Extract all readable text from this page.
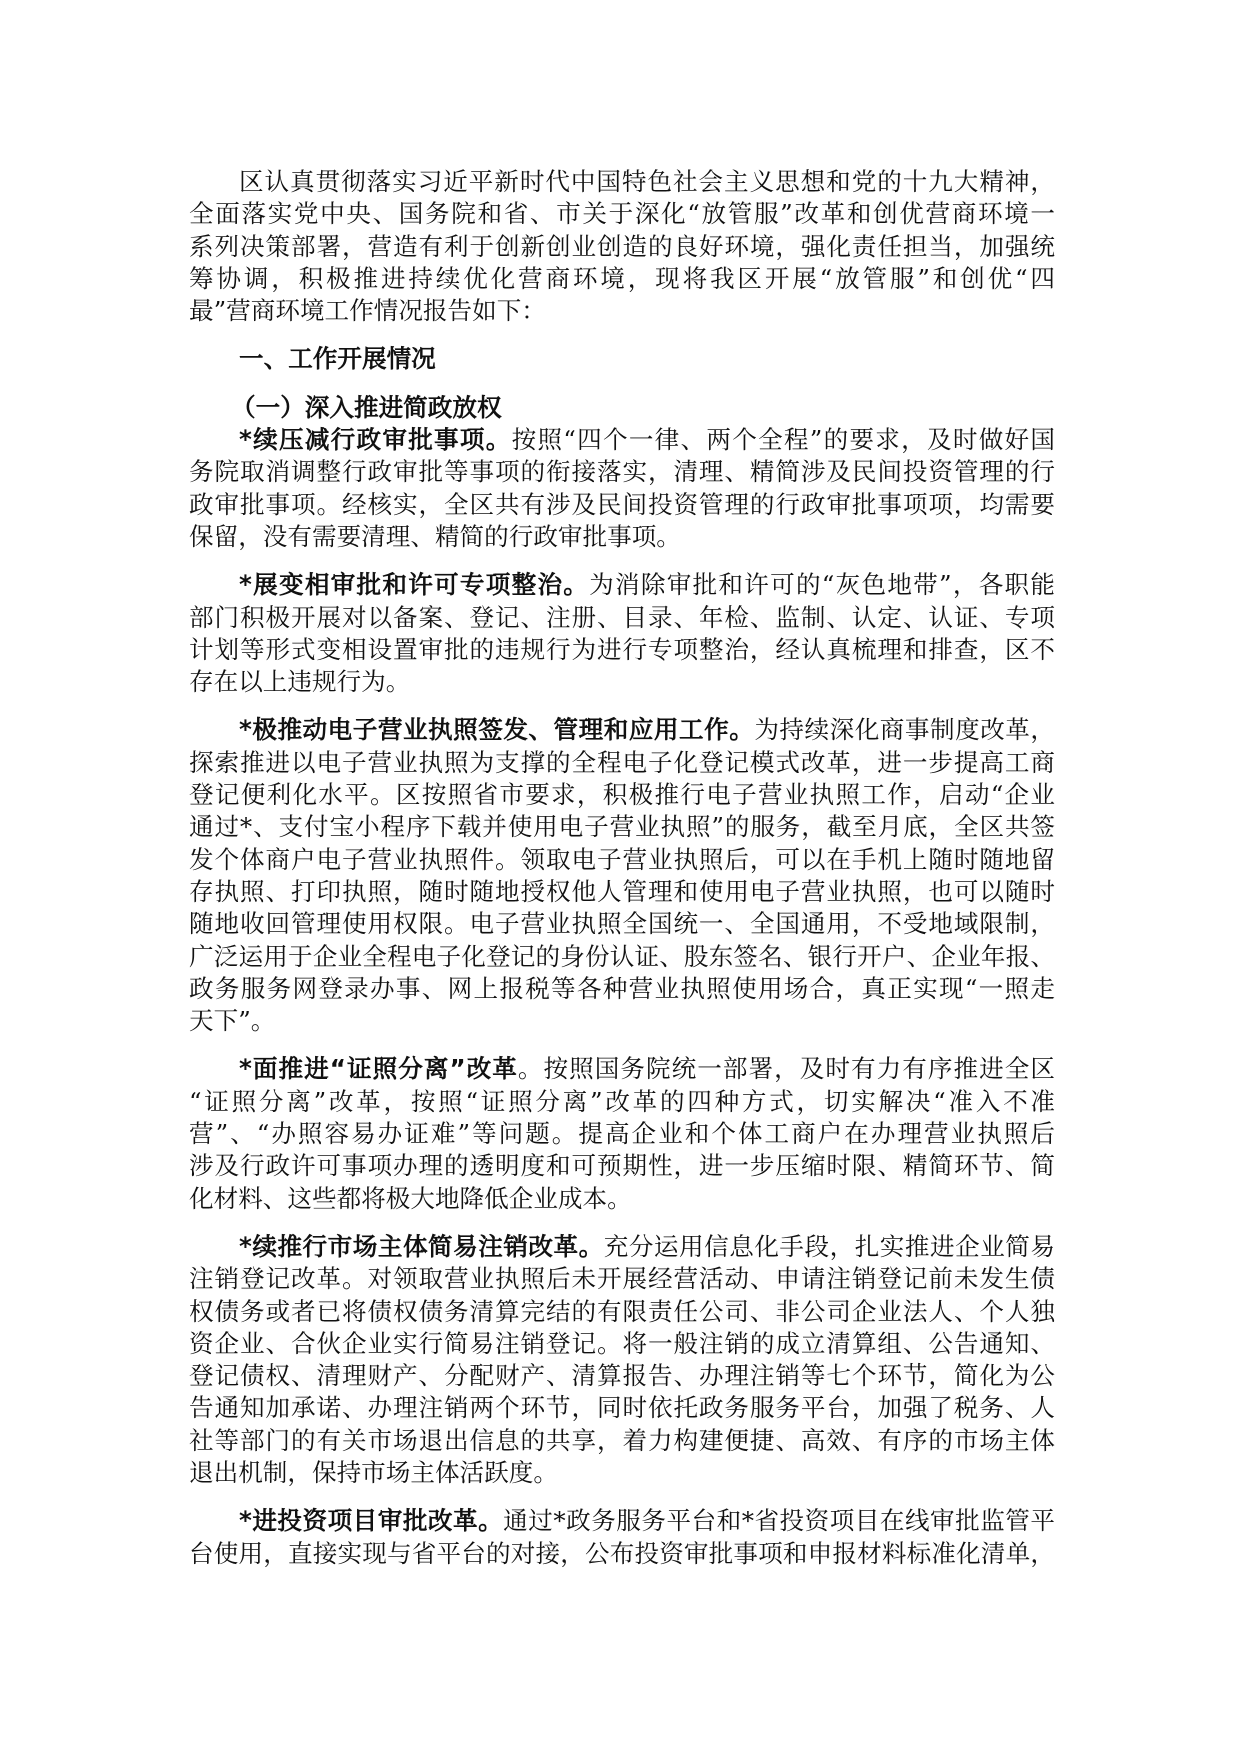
区认真贯彻落实习近平新时代中国特色社会主义思想和党的十九大精神，
全面落实党中央、国务院和省、市关于深化“放管服”改革和创优营商环境一
系列决策部署，营造有利于创新创业创造的良好环境，强化责任担当，加强统
筹协调，积极推进持续优化营商环境，现将我区开展“放管服”和创优“四
最”营商环境工作情况报告如下：
一、工作开展情况
（一）深入推进简政放权
*续压减行政审批事项。按照“四个一律、两个全程”的要求，及时做好国
务院取消调整行政审批等事项的衔接落实，清理、精简涉及民间投资管理的行
政审批事项。经核实，全区共有涉及民间投资管理的行政审批事项项，均需要
保留，没有需要清理、精简的行政审批事项。
*展变相审批和许可专项整治。为消除审批和许可的“灰色地带”，各职能
部门积极开展对以备案、登记、注册、目录、年检、监制、认定、认证、专项
计划等形式变相设置审批的违规行为进行专项整治，经认真梳理和排查，区不
存在以上违规行为。
*极推动电子营业执照签发、管理和应用工作。为持续深化商事制度改革，
探索推进以电子营业执照为支撑的全程电子化登记模式改革，进一步提高工商
登记便利化水平。区按照省市要求，积极推行电子营业执照工作，启动“企业
通过*、支付宝小程序下载并使用电子营业执照”的服务，截至月底，全区共签
发个体商户电子营业执照件。领取电子营业执照后，可以在手机上随时随地留
存执照、打印执照，随时随地授权他人管理和使用电子营业执照，也可以随时
随地收回管理使用权限。电子营业执照全国统一、全国通用，不受地域限制，
广泛运用于企业全程电子化登记的身份认证、股东签名、银行开户、企业年报、
政务服务网登录办事、网上报税等各种营业执照使用场合，真正实现“一照走
天下”。
*面推进“证照分离”改革。按照国务院统一部署，及时有力有序推进全区
“证照分离”改革，按照“证照分离”改革的四种方式，切实解决“准入不准
营”、“办照容易办证难”等问题。提高企业和个体工商户在办理营业执照后
涉及行政许可事项办理的透明度和可预期性，进一步压缩时限、精简环节、简
化材料、这些都将极大地降低企业成本。
*续推行市场主体简易注销改革。充分运用信息化手段，扎实推进企业简易
注销登记改革。对领取营业执照后未开展经营活动、申请注销登记前未发生债
权债务或者已将债权债务清算完结的有限责任公司、非公司企业法人、个人独
资企业、合伙企业实行简易注销登记。将一般注销的成立清算组、公告通知、
登记债权、清理财产、分配财产、清算报告、办理注销等七个环节，简化为公
告通知加承诺、办理注销两个环节，同时依托政务服务平台，加强了税务、人
社等部门的有关市场退出信息的共享，着力构建便捷、高效、有序的市场主体
退出机制，保持市场主体活跃度。
*进投资项目审批改革。通过*政务服务平台和*省投资项目在线审批监管平
台使用，直接实现与省平台的对接，公布投资审批事项和申报材料标准化清单，
